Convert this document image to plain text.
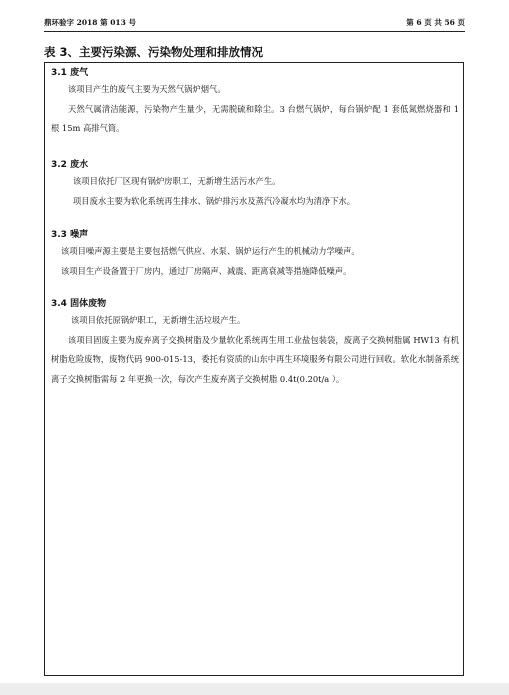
鼎环验字 2018 第 013 号	第 6 页 共 56 页
表 3、主要污染源、污染物处理和排放情况
3.1 废气
该项目产生的废气主要为天然气锅炉烟气。
天然气属清洁能源，污染物产生量少，无需脱硫和除尘。3 台燃气锅炉，每台锅炉配 1 套低氮燃烧器和 1 根 15m 高排气筒。
3.2 废水
该项目依托厂区现有锅炉房职工，无新增生活污水产生。
项目废水主要为软化系统再生排水、锅炉排污水及蒸汽冷凝水均为清净下水。
3.3 噪声
该项目噪声源主要是主要包括燃气供应、水泵、锅炉运行产生的机械动力学噪声。
该项目生产设备置于厂房内，通过厂房隔声、减震、距离衰减等措施降低噪声。
3.4 固体废物
该项目依托原锅炉职工，无新增生活垃圾产生。
该项目固废主要为废弃离子交换树脂及少量软化系统再生用工业盐包装袋，废离子交换树脂属 HW13 有机树脂危险废物，废物代码 900-015-13，委托有资质的山东中再生环境服务有限公司进行回收。软化水制备系统离子交换树脂需每 2 年更换一次，每次产生废弃离子交换树脂 0.4t(0.20t/a ）。
